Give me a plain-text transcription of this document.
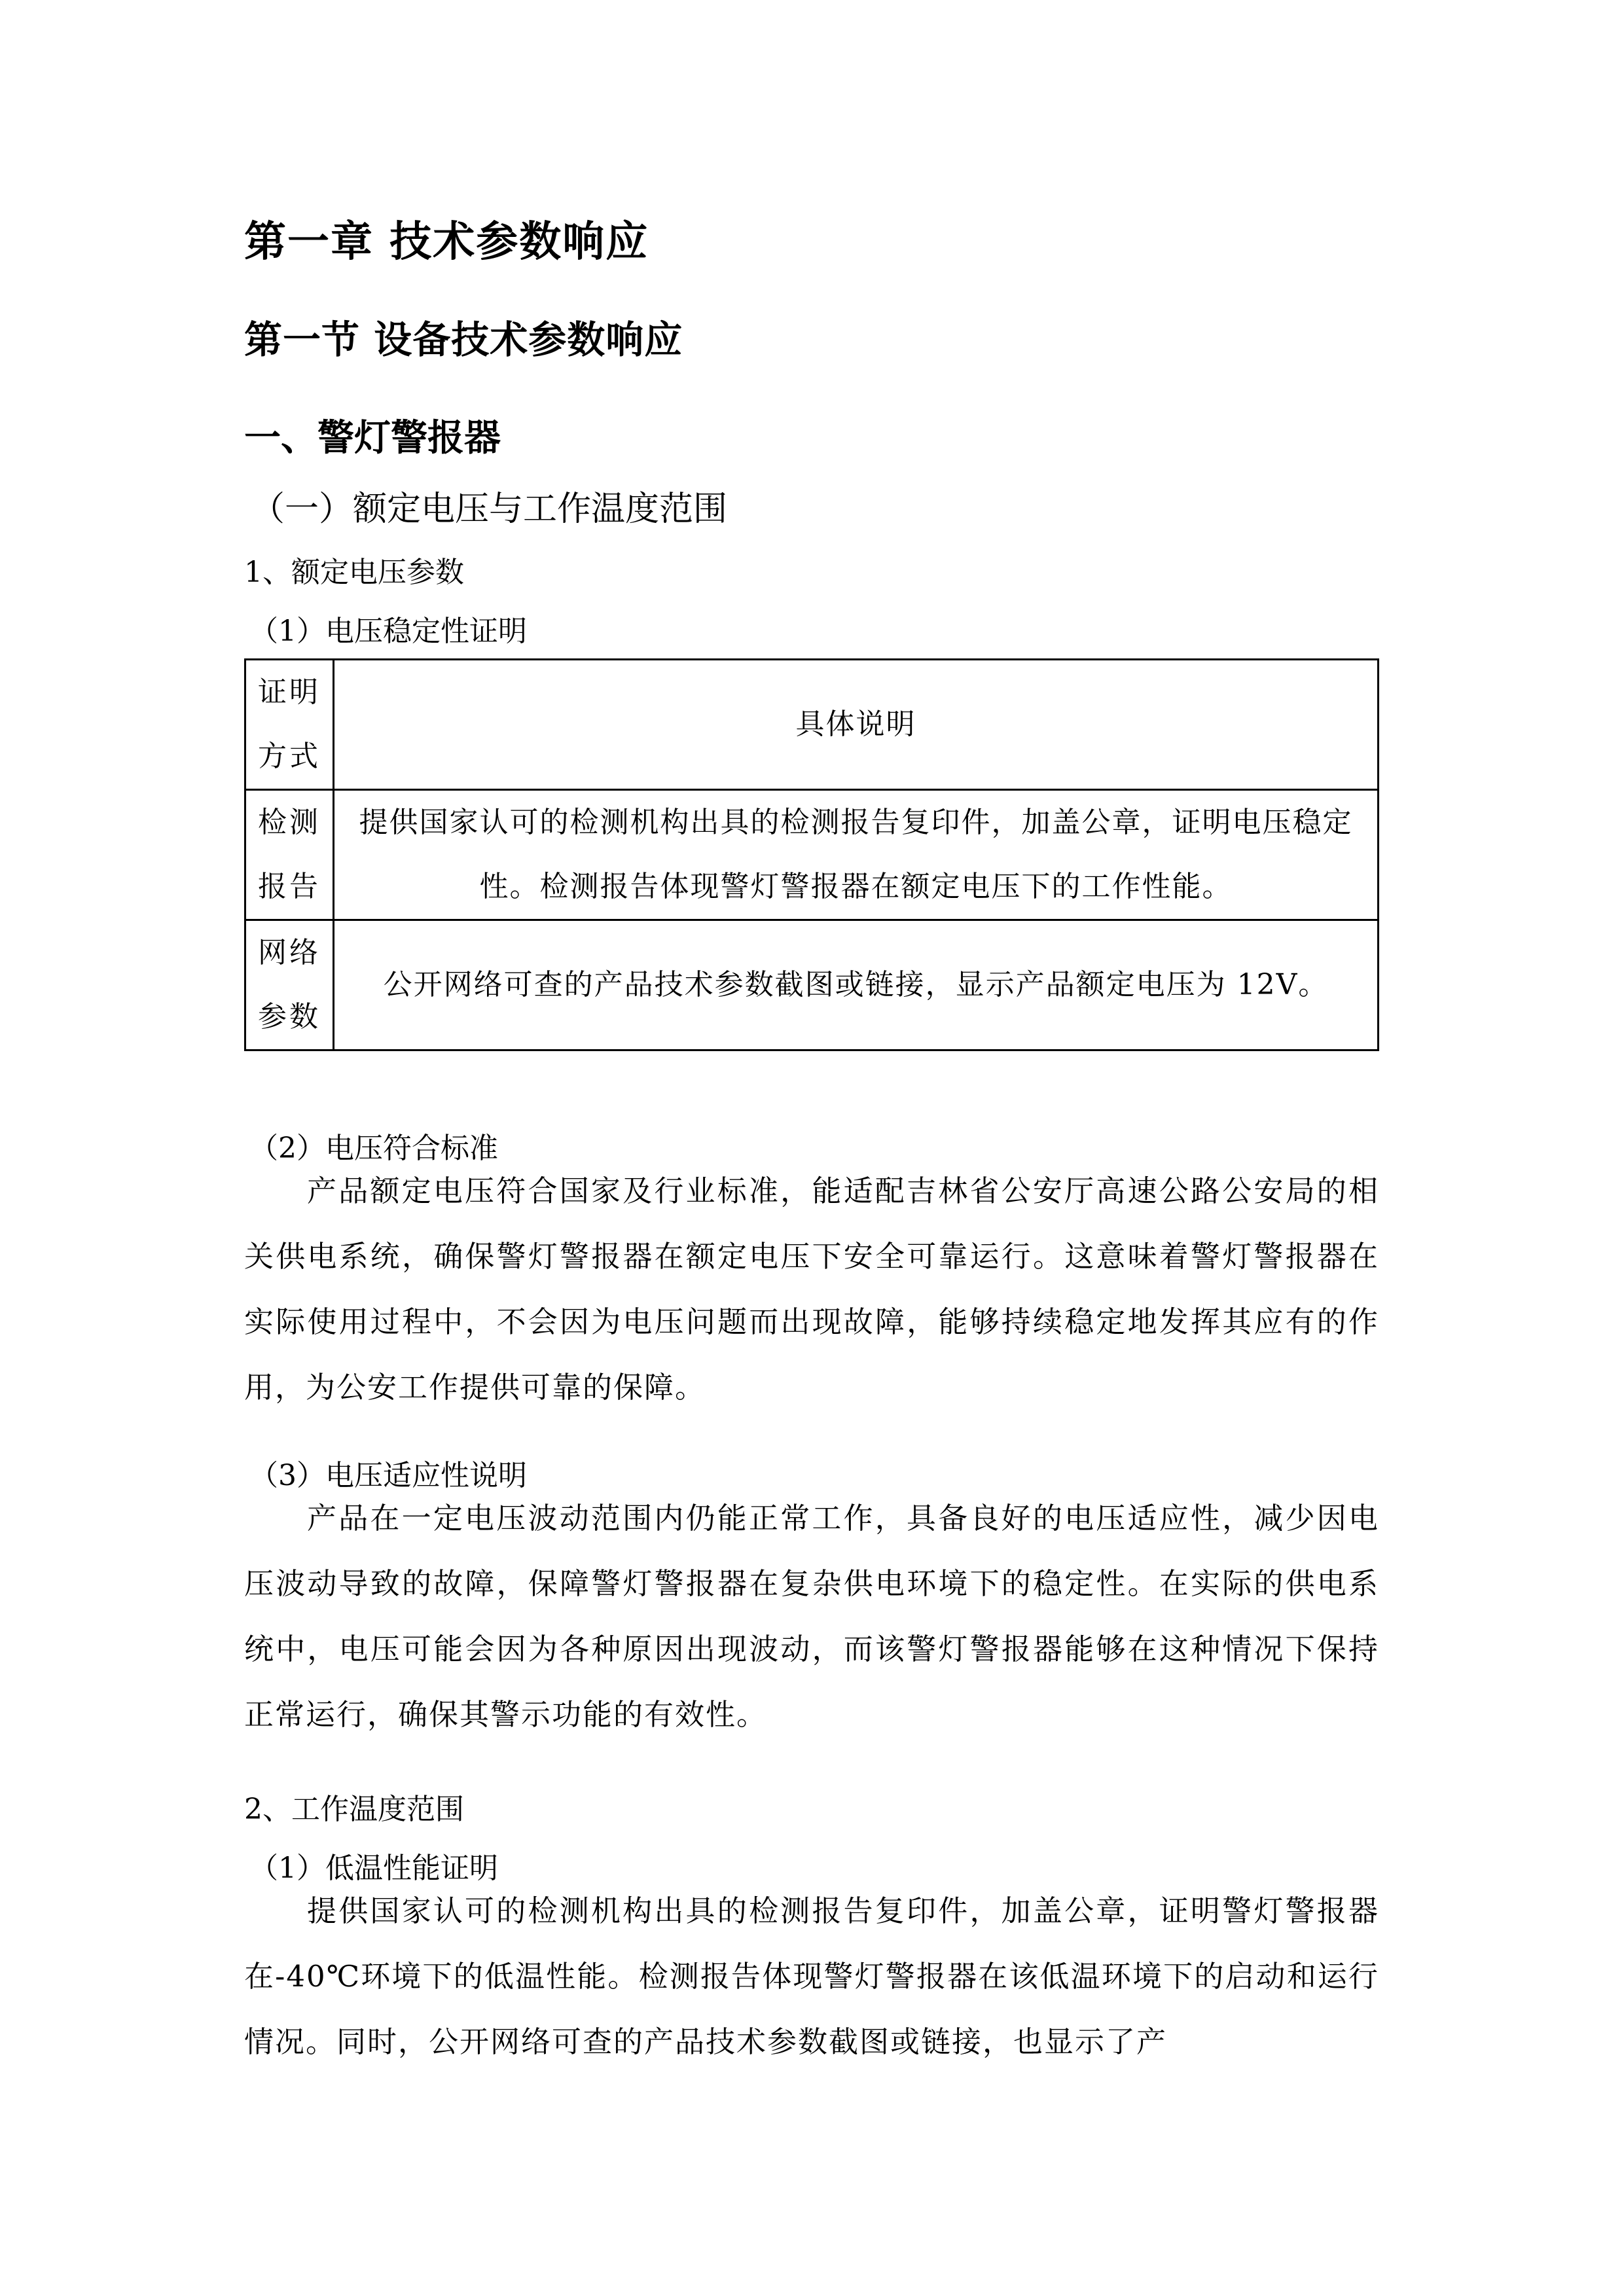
第一章 技术参数响应
第一节 设备技术参数响应
一、警灯警报器
（一）额定电压与工作温度范围
1、额定电压参数
（1）电压稳定性证明
证明方式	具体说明
检测报告	提供国家认可的检测机构出具的检测报告复印件，加盖公章，证明电压稳定性。检测报告体现警灯警报器在额定电压下的工作性能。
网络参数	公开网络可查的产品技术参数截图或链接，显示产品额定电压为 12V。
（2）电压符合标准

产品额定电压符合国家及行业标准，能适配吉林省公安厅高速公路公安局的相关供电系统，确保警灯警报器在额定电压下安全可靠运行。这意味着警灯警报器在实际使用过程中，不会因为电压问题而出现故障，能够持续稳定地发挥其应有的作用，为公安工作提供可靠的保障。

（3）电压适应性说明

产品在一定电压波动范围内仍能正常工作，具备良好的电压适应性，减少因电压波动导致的故障，保障警灯警报器在复杂供电环境下的稳定性。在实际的供电系统中，电压可能会因为各种原因出现波动，而该警灯警报器能够在这种情况下保持正常运行，确保其警示功能的有效性。

2、工作温度范围
（1）低温性能证明

提供国家认可的检测机构出具的检测报告复印件，加盖公章，证明警灯警报器在-40℃环境下的低温性能。检测报告体现警灯警报器在该低温环境下的启动和运行情况。同时，公开网络可查的产品技术参数截图或链接，也显示了产
